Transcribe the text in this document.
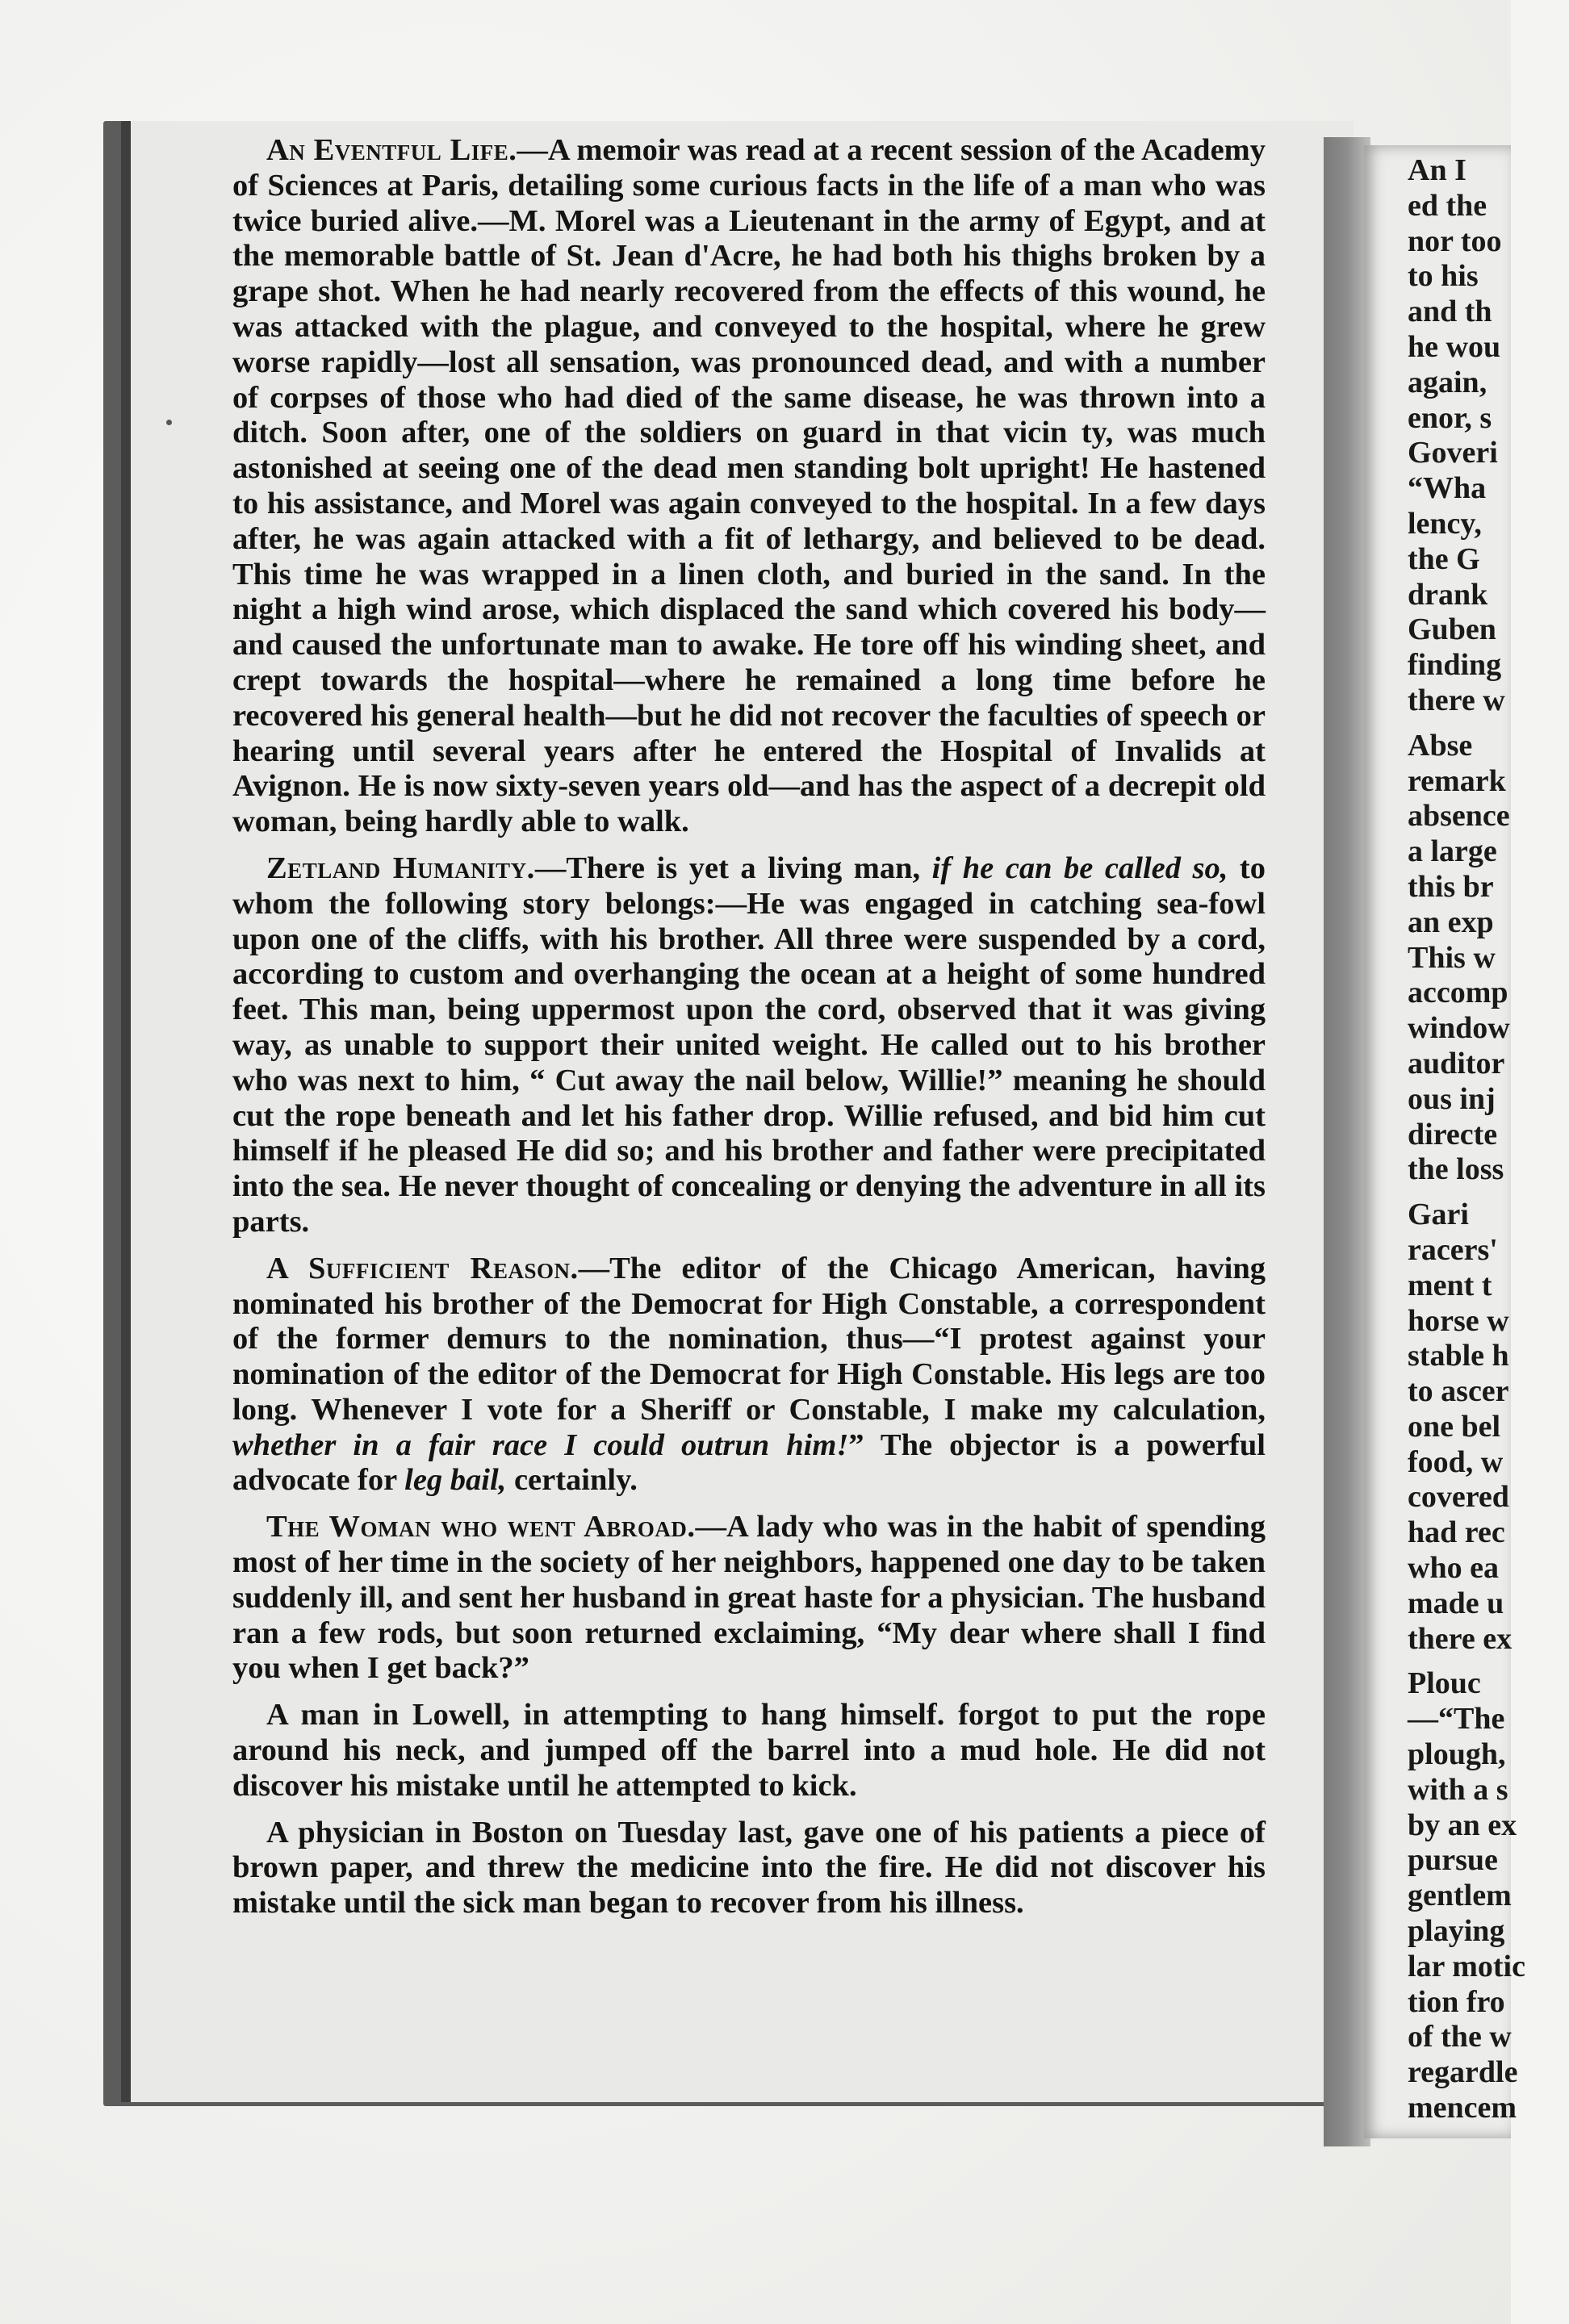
An Eventful Life.—A memoir was read at a recent session of the Academy of Sciences at Paris, detailing some curious facts in the life of a man who was twice buried alive.—M. Morel was a Lieutenant in the army of Egypt, and at the memorable battle of St. Jean d'Acre, he had both his thighs broken by a grape shot. When he had nearly recovered from the effects of this wound, he was attacked with the plague, and conveyed to the hospital, where he grew worse rapidly—lost all sensation, was pronounced dead, and with a number of corpses of those who had died of the same disease, he was thrown into a ditch. Soon after, one of the soldiers on guard in that vicin ty, was much astonished at seeing one of the dead men standing bolt upright! He hastened to his assistance, and Morel was again conveyed to the hospital. In a few days after, he was again attacked with a fit of lethargy, and believed to be dead. This time he was wrapped in a linen cloth, and buried in the sand. In the night a high wind arose, which displaced the sand which covered his body—and caused the unfortunate man to awake. He tore off his winding sheet, and crept towards the hospital—where he remained a long time before he recovered his general health—but he did not recover the faculties of speech or hearing until several years after he entered the Hospital of Invalids at Avignon. He is now sixty-seven years old—and has the aspect of a decrepit old woman, being hardly able to walk.

Zetland Humanity.—There is yet a living man, if he can be called so, to whom the following story belongs:—He was engaged in catching sea-fowl upon one of the cliffs, with his brother. All three were suspended by a cord, according to custom and overhanging the ocean at a height of some hundred feet. This man, being uppermost upon the cord, observed that it was giving way, as unable to support their united weight. He called out to his brother who was next to him, “ Cut away the nail below, Willie!” meaning he should cut the rope beneath and let his father drop. Willie refused, and bid him cut himself if he pleased He did so; and his brother and father were precipitated into the sea. He never thought of concealing or denying the adventure in all its parts.

A Sufficient Reason.—The editor of the Chicago American, having nominated his brother of the Democrat for High Constable, a correspondent of the former demurs to the nomination, thus—“I protest against your nomination of the editor of the Democrat for High Constable. His legs are too long. Whenever I vote for a Sheriff or Constable, I make my calculation, whether in a fair race I could outrun him!” The objector is a powerful advocate for leg bail, certainly.

The Woman who went Abroad.—A lady who was in the habit of spending most of her time in the society of her neighbors, happened one day to be taken suddenly ill, and sent her husband in great haste for a physician. The husband ran a few rods, but soon returned exclaiming, “My dear where shall I find you when I get back?”

A man in Lowell, in attempting to hang himself. forgot to put the rope around his neck, and jumped off the barrel into a mud hole. He did not discover his mistake until he attempted to kick.

A physician in Boston on Tuesday last, gave one of his patients a piece of brown paper, and threw the medicine into the fire. He did not discover his mistake until the sick man began to recover from his illness.

An I
ed the
nor too
to his
and th
he wou
again,
enor, s
Goveri
“Wha
lency,
the G
drank
Guben
finding
there w
Absе
remark
absence
a large
this br
an exp
This w
accomp
window
auditor
ous inj
directe
the loss
Gari
racers'
ment t
horse w
stable h
to ascer
one bel
food, w
covered
had rec
who ea
made u
there ex
Plouc
—“The
plough,
with a s
by an ex
pursue
gentlem
playing
lar motic
tion fro
of the w
regardle
mencem
